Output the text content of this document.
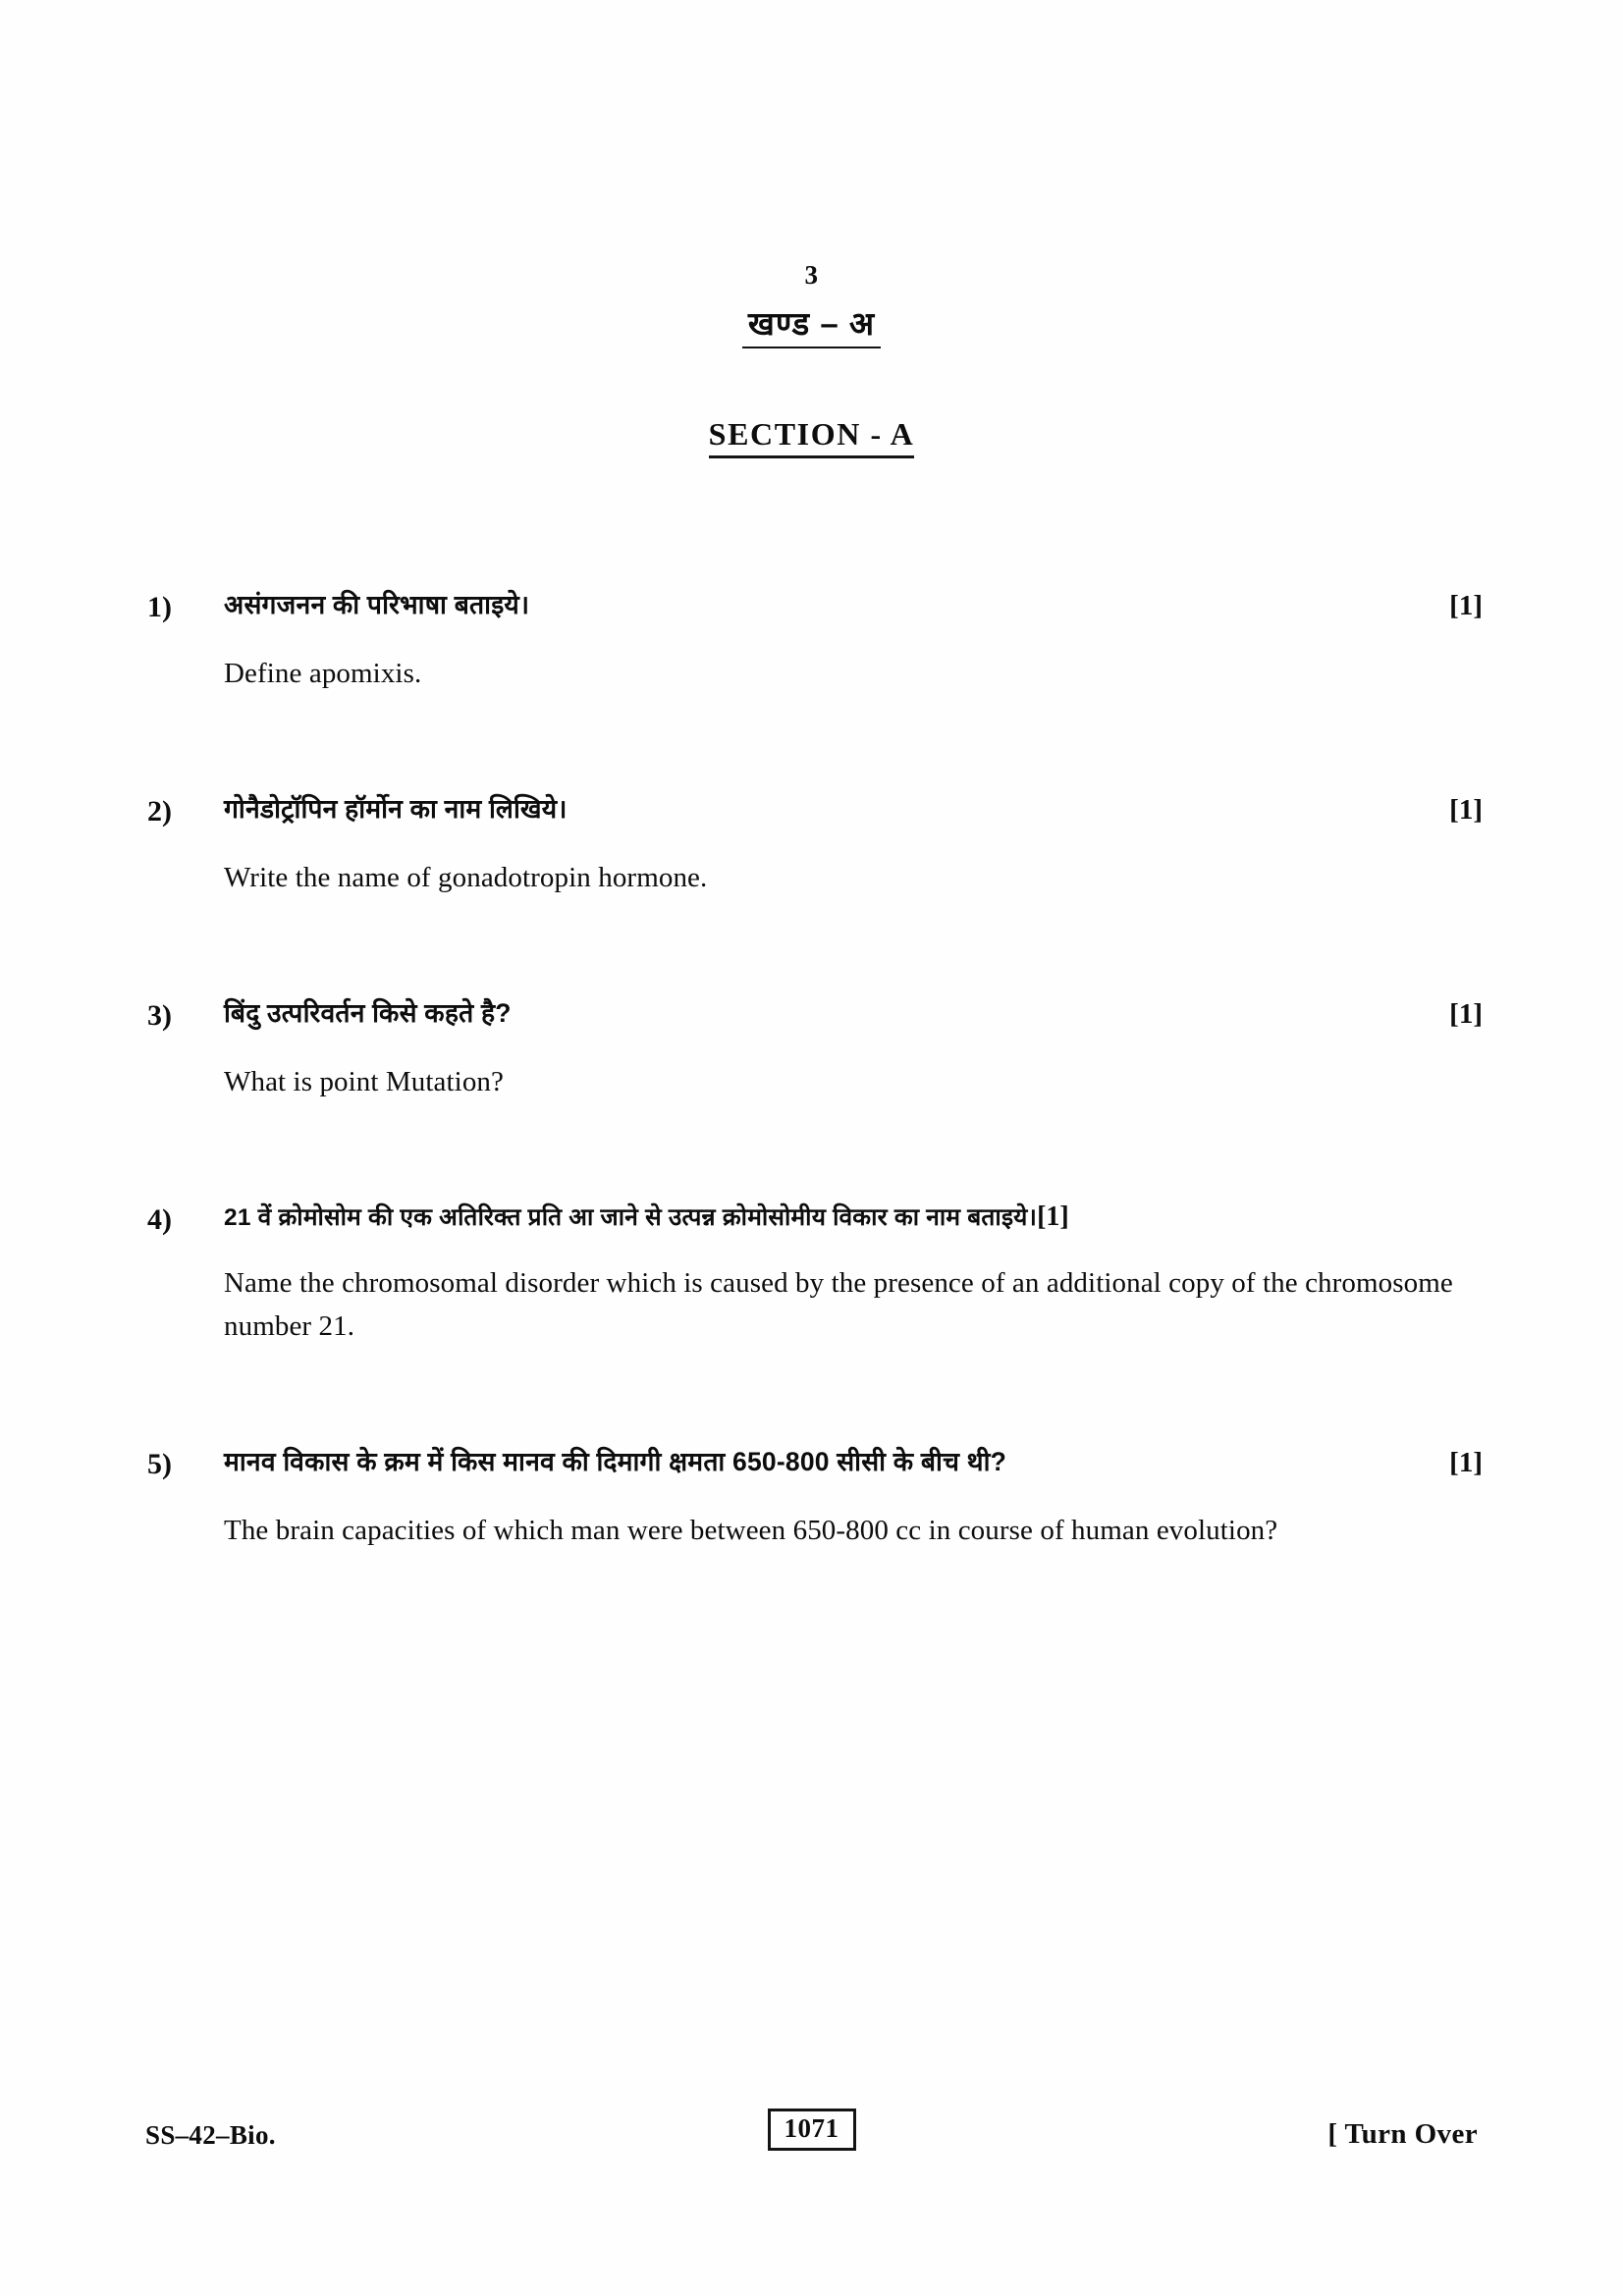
3
खण्ड – अ
SECTION - A
1)	असंगजनन की परिभाषा बताइये।
Define apomixis.
[1]
2)	गोनैडोट्रॉपिन हॉर्मोन का नाम लिखिये।
Write the name of gonadotropin hormone.
[1]
3)	बिंदु उत्परिवर्तन किसे कहते है?
What is point Mutation?
[1]
4)	21 वें क्रोमोसोम की एक अतिरिक्त प्रति आ जाने से उत्पन्न क्रोमोसोमीय विकार का नाम बताइये।[1]
Name the chromosomal disorder which is caused by the presence of an additional copy of the chromosome number 21.
5)	मानव विकास के क्रम में किस मानव की दिमागी क्षमता 650-800 सीसी के बीच थी?
The brain capacities of which man were between 650-800 cc in course of human evolution?
[1]
SS–42–Bio.	1071	[ Turn Over
